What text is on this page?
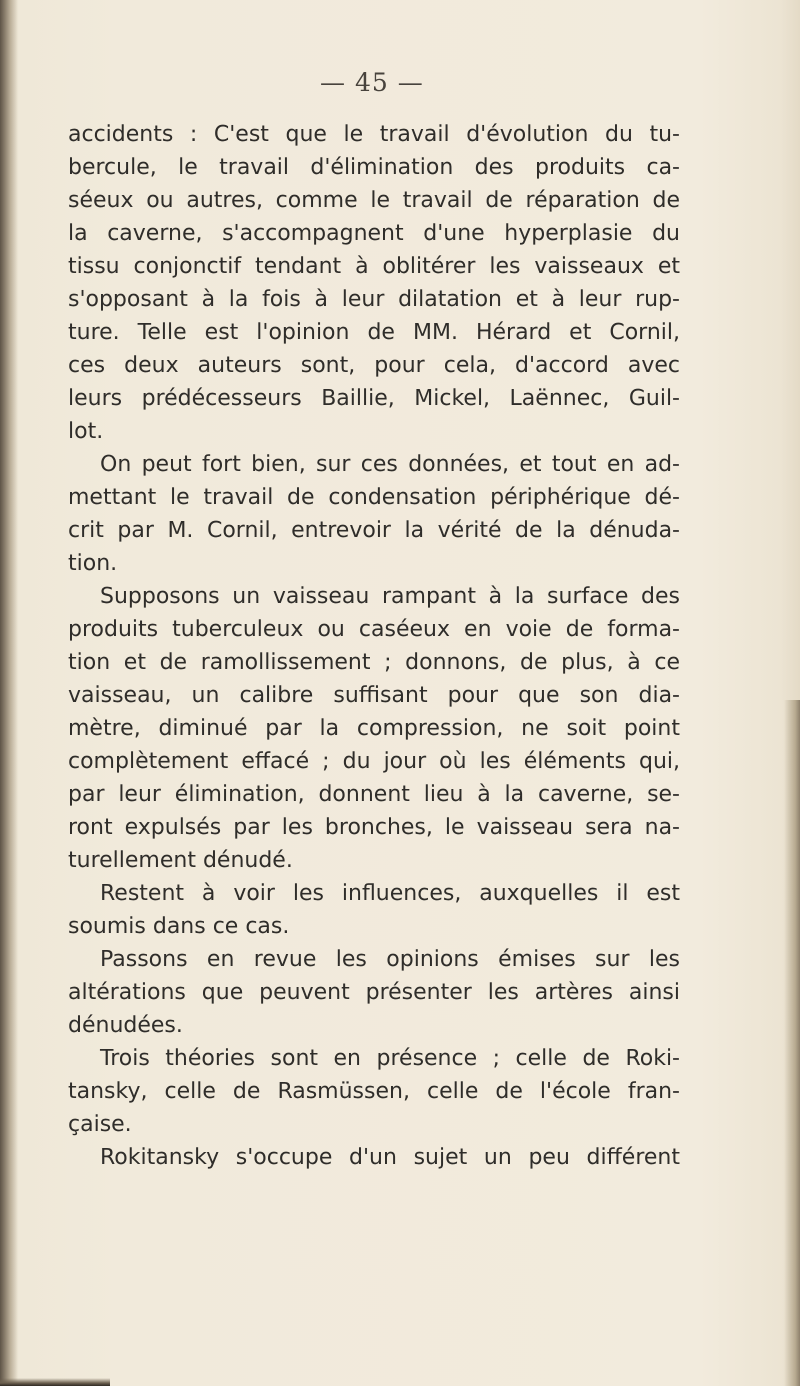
— 45 —
accidents : C'est que le travail d'évolution du tu-
bercule, le travail d'élimination des produits ca-
séeux ou autres, comme le travail de réparation de
la caverne, s'accompagnent d'une hyperplasie du
tissu conjonctif tendant à oblitérer les vaisseaux et
s'opposant à la fois à leur dilatation et à leur rup-
ture. Telle est l'opinion de MM. Hérard et Cornil,
ces deux auteurs sont, pour cela, d'accord avec
leurs prédécesseurs Baillie, Mickel, Laënnec, Guil-
lot.
On peut fort bien, sur ces données, et tout en ad-
mettant le travail de condensation périphérique dé-
crit par M. Cornil, entrevoir la vérité de la dénuda-
tion.
Supposons un vaisseau rampant à la surface des
produits tuberculeux ou caséeux en voie de forma-
tion et de ramollissement ; donnons, de plus, à ce
vaisseau, un calibre suffisant pour que son dia-
mètre, diminué par la compression, ne soit point
complètement effacé ; du jour où les éléments qui,
par leur élimination, donnent lieu à la caverne, se-
ront expulsés par les bronches, le vaisseau sera na-
turellement dénudé.
Restent à voir les influences, auxquelles il est
soumis dans ce cas.
Passons en revue les opinions émises sur les
altérations que peuvent présenter les artères ainsi
dénudées.
Trois théories sont en présence ; celle de Roki-
tansky, celle de Rasmüssen, celle de l'école fran-
çaise.
Rokitansky s'occupe d'un sujet un peu différent
